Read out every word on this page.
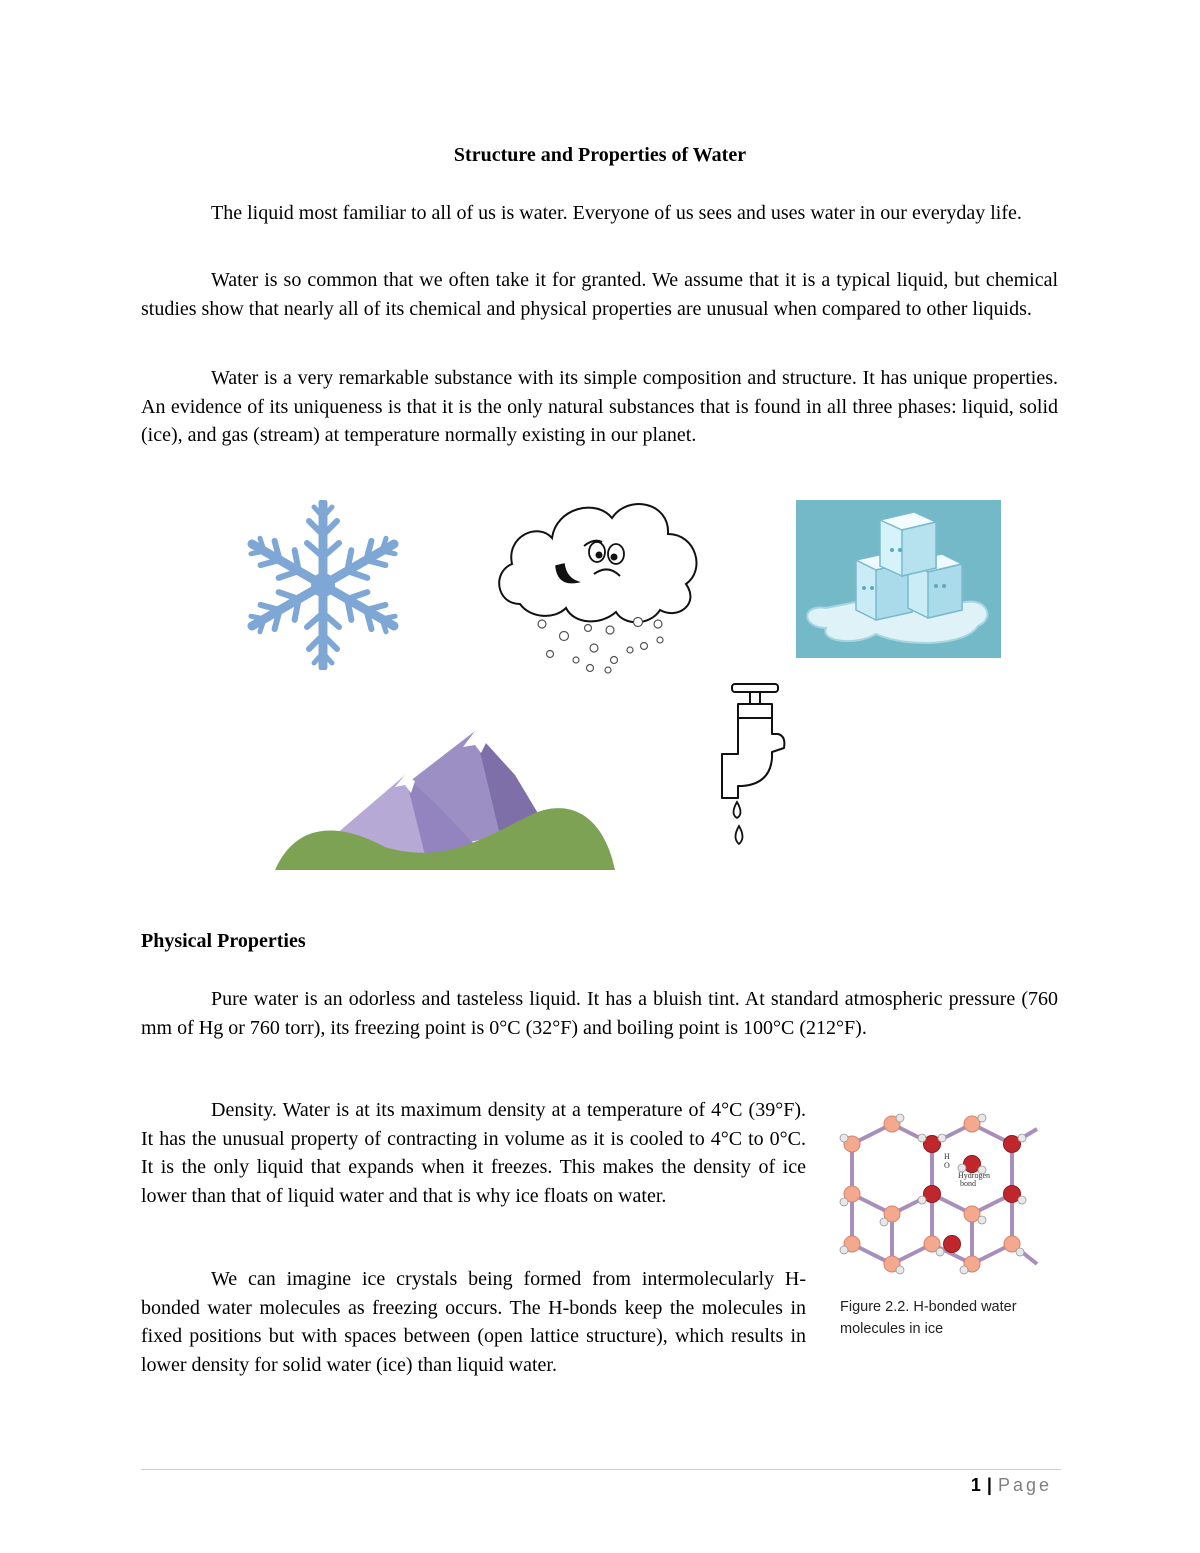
Structure and Properties of Water

The liquid most familiar to all of us is water. Everyone of us sees and uses water in our everyday life.

Water is so common that we often take it for granted. We assume that it is a typical liquid, but chemical studies show that nearly all of its chemical and physical properties are unusual when compared to other liquids.

Water is a very remarkable substance with its simple composition and structure. It has unique properties. An evidence of its uniqueness is that it is the only natural substances that is found in all three phases: liquid, solid (ice), and gas (stream) at temperature normally existing in our planet.

Physical Properties

Pure water is an odorless and tasteless liquid. It has a bluish tint. At standard atmospheric pressure (760 mm of Hg or 760 torr), its freezing point is 0°C (32°F) and boiling point is 100°C (212°F).

Density. Water is at its maximum density at a temperature of 4°C (39°F). It has the unusual property of contracting in volume as it is cooled to 4°C to 0°C. It is the only liquid that expands when it freezes. This makes the density of ice lower than that of liquid water and that is why ice floats on water.

We can imagine ice crystals being formed from intermolecularly H-bonded water molecules as freezing occurs. The H-bonds keep the molecules in fixed positions but with spaces between (open lattice structure), which results in lower density for solid water (ice) than liquid water.

H
O
Hydrogen
bond
Figure 2.2. H-bonded water molecules in ice
1 | Page
